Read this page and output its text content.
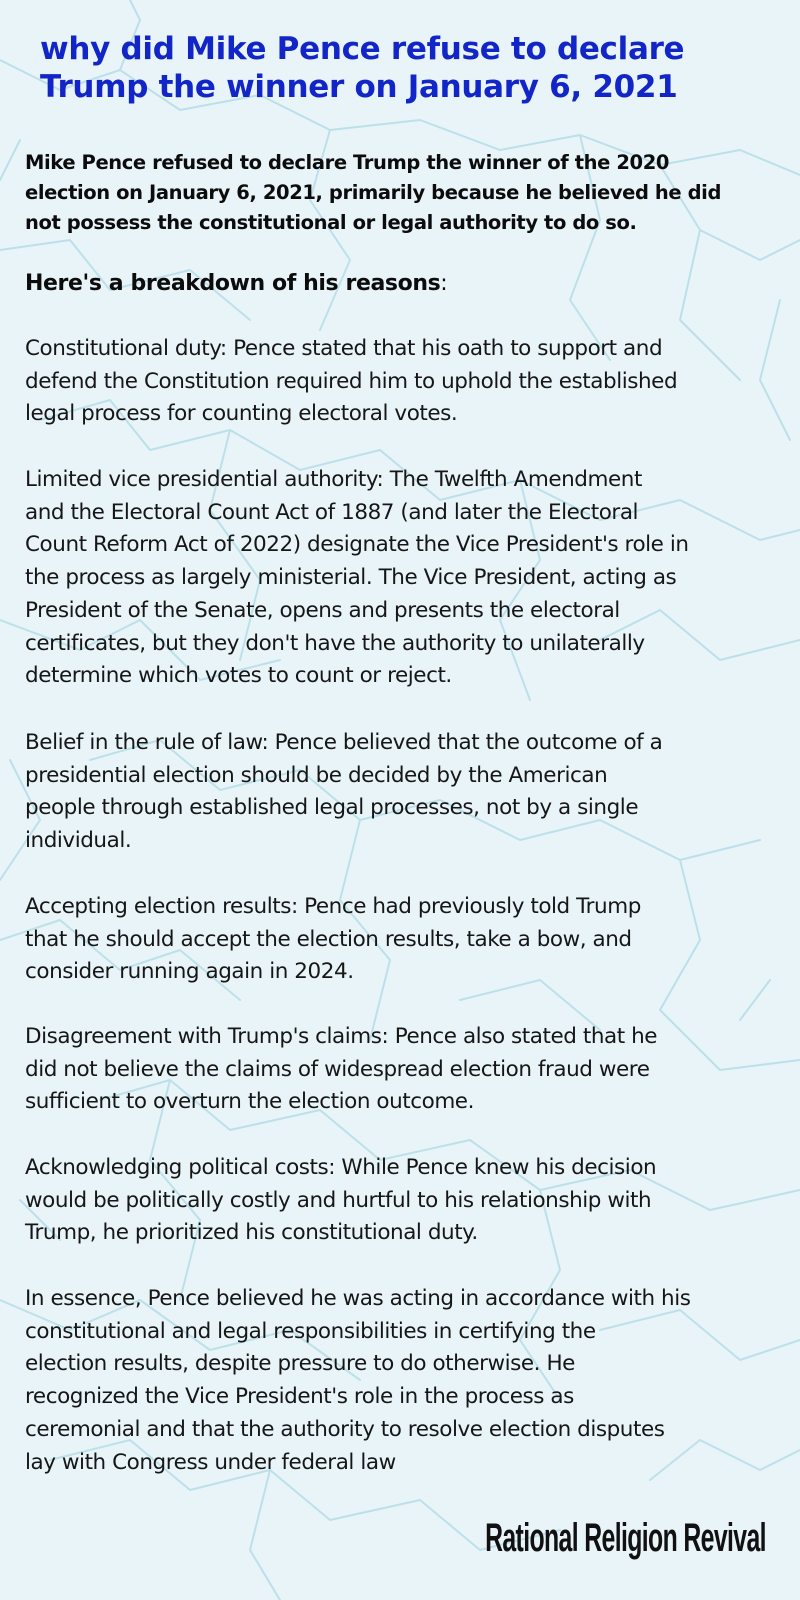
why did Mike Pence refuse to declare
Trump the winner on January 6, 2021

Mike Pence refused to declare Trump the winner of the 2020
election on January 6, 2021, primarily because he believed he did
not possess the constitutional or legal authority to do so.

Here's a breakdown of his reasons:

Constitutional duty: Pence stated that his oath to support and
defend the Constitution required him to uphold the established
legal process for counting electoral votes.

Limited vice presidential authority: The Twelfth Amendment
and the Electoral Count Act of 1887 (and later the Electoral
Count Reform Act of 2022) designate the Vice President's role in
the process as largely ministerial. The Vice President, acting as
President of the Senate, opens and presents the electoral
certificates, but they don't have the authority to unilaterally
determine which votes to count or reject.

Belief in the rule of law: Pence believed that the outcome of a
presidential election should be decided by the American
people through established legal processes, not by a single
individual.

Accepting election results: Pence had previously told Trump
that he should accept the election results, take a bow, and
consider running again in 2024.

Disagreement with Trump's claims: Pence also stated that he
did not believe the claims of widespread election fraud were
sufficient to overturn the election outcome.

Acknowledging political costs: While Pence knew his decision
would be politically costly and hurtful to his relationship with
Trump, he prioritized his constitutional duty.

In essence, Pence believed he was acting in accordance with his
constitutional and legal responsibilities in certifying the
election results, despite pressure to do otherwise. He
recognized the Vice President's role in the process as
ceremonial and that the authority to resolve election disputes
lay with Congress under federal law

Rational Religion Revival
